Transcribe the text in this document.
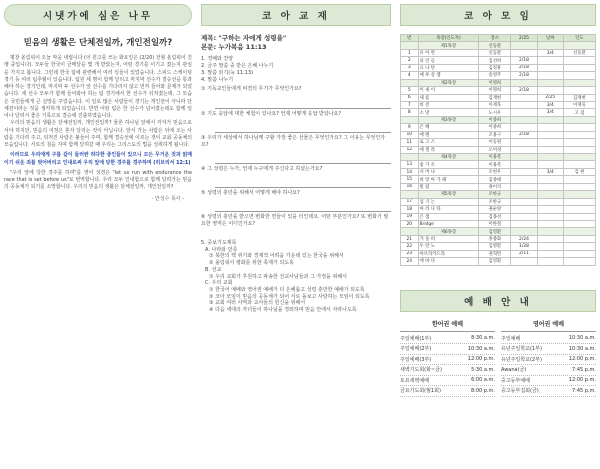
시냇가에 심은 나무
믿음의 생활은 단체전일까, 개인전일까?

평창 올림픽이 오늘 막을 내립니다 (이 원고를 쓰는 화요일은 (2/20) 전형 올림픽이 진행 중입니다). 모두들 한국이 금메달을 몇 개 받았는지, 어떤 경기를 이기고 졌는지 관심을 가지고 봅니다. 그런데 한국 팀에 관련해서 여러 일들이 있었습니다. 스피드 스케이팅 경기 등 여러 팀추월이 있습니다. 팀원 세 명이 함께 달리고 마지막 선수가 결승선을 통과해야 하는 경기인데, 마지막 두 선수가 앞 선수를 기다리지 않고 먼저 들어와 문제가 되었습니다. 세 선수 모두가 함께 들어와야 하는 팀 경기에서 한 선수가 뒤처졌는데, 그 모습은 국민들에게 큰 실망을 주었습니다. 이 일로 많은 사람들이 경기는 개인전이 아니라 단체전이라는 것을 생각하게 되었습니다. 반면 어떤 팀은 한 선수가 넘어졌는데도 함께 일어나 달려서 좋은 기록으로 결승에 진출하였습니다.

우리의 믿음의 생활은 단체전일까, 개인전일까? 물론 하나님 앞에서 각자가 믿음으로 서야 하지만, 믿음의 여정은 혼자 달리는 것이 아닙니다. 앞서 가는 사람은 뒤에 오는 사람을 기다려 주고, 뒤처진 사람은 붙들어 주며, 함께 결승선에 이르는 것이 교회 공동체의 모습입니다. 서로의 짐을 지며 함께 달려갈 때 우리는 그리스도의 법을 성취하게 됩니다.

이러므로 우리에게 구름 같이 둘러싼 허다한 증인들이 있으니 모든 무거운 것과 얽매이기 쉬운 죄를 벗어버리고 인내로써 우리 앞에 당한 경주를 경주하며 (히브리서 12:1)

"우리 앞에 당한 경주를 하며"를 영어 성경은 "let us run with endurance the race that is set before us"로 번역합니다. 우리 모두 인내함으로 함께 달려가는 믿음의 공동체가 되기를 소망합니다. 우리의 믿음의 생활은 단체전일까, 개인전일까?

- 안성수 목사 -
코 아 교 재
제목: "구하는 자에게 성령을"
본문: 누가복음 11:13
1. 경배와 찬양
2. 금주 말씀 중 받은 은혜 나누기
3. 말씀 읽기(눅 11:13)
4. 말씀 나누기
① 기독교인들에게 비젼의 무기가 무엇인가요?
② 기도 응답에 대한 체험이 있나요? 언제 어떻게 응답 받았나요?
③ 우리가 세상에서 하나님께 구할 가장 좋은 선물은 무엇인가요? 그 이유는 무엇인가요?
④ 그 성령은 누가, 언제 누구에게 주신다고 하셨는가요?
⑤ 성령의 충만을 위해서 어떻게 해야 하나요?
⑥ 성령의 충만을 받으면 변화한 면들이 있을 터인데요. 어떤 부분인가요? 또 변화가 필요한 영역은 어디인가요?
5. 중보기도제목
A. 나라와 민족
① 북한의 핵 위기와 경제적 어려움 가운데 있는 한국을 위해서
② 올림픽이 평화를 위한 축제가 되도록
B. 선교
① 우리 교회가 후원하고 파송한 선교사님들과 그 가정을 위해서
C. 우리 교회
① 한국어 예배와 영어권 예배가 더 은혜롭고 성령 충만한 예배가 되도록
② 코아 모임이 믿음의 공동체가 되어 서로 돌보고 사랑하는 모임이 되도록
③ 교회 여러 사역과 교사들의 헌신을 위해서
④ 다음 세대의 자녀들이 하나님을 경외하며 믿음 안에서 자라나도록
코 아 모 임
번	목장(인도자)	장소	2/25	날짜	인도
	제1목장	신동환			
1	유 아 란	신동환		3/4	신동환
2	의 인 들	김선희	2/18		
3	요 나 단	김정훈	2/18		
4	예 루 살 렘	송영주	2/18		
	제2목장	이명희			
5	이 새 이	이명희	2/18		
6	새 롬	김재현		2/25	김재현
7	비 전	이재욱		3/4	이재욱
8	소 망	노시우		3/4	고 겸
	제3목장	이종희			
9	은 혜	이종희			
10	에 벨	조용구	2/18		
11	로 고 스	이동원			
12	에 셀 라	오미경			
	제4목장	이용복			
13	좋 가 조	이용복			
14	서 머 나	조현우		3/4	김 현
15	희 망 아 가 페	김종태			
16	빌 립	권이석			
	제5목장	조한규			
17	섬 기 는	조한규			
18	마 라 나 타	권순양			
19	은 샘	김종선			
20	Bridge	이한철			
	제6목장	김영환			
21	가 을 비	홍종화	2/24		
22	두 란 노	김명환	1/28		
23	아브라카드라	권혁만	2/11		
24	에 바 다	김영환			
예 배 안 내
한어권 예배
주일예배(1부)	8:30 a.m.
주일예배(2부)	10:30 a.m.
주일예배(3부)	12:00 p.m.
새벽기도회(화~금)	5:30 a.m.
토요새벽예배	6:00 a.m.
금요기도회(월1회)	8:00 p.m.
영어권 예배
주일예배	10:30 a.m.
유년주일학교(1부)	10:30 a.m.
유년주일학교(2부)	12:00 p.m.
Awana(금)	7:45 p.m.
중고등부예배	12:00 p.m.
중고등부집회(금)	7:45 p.m.
